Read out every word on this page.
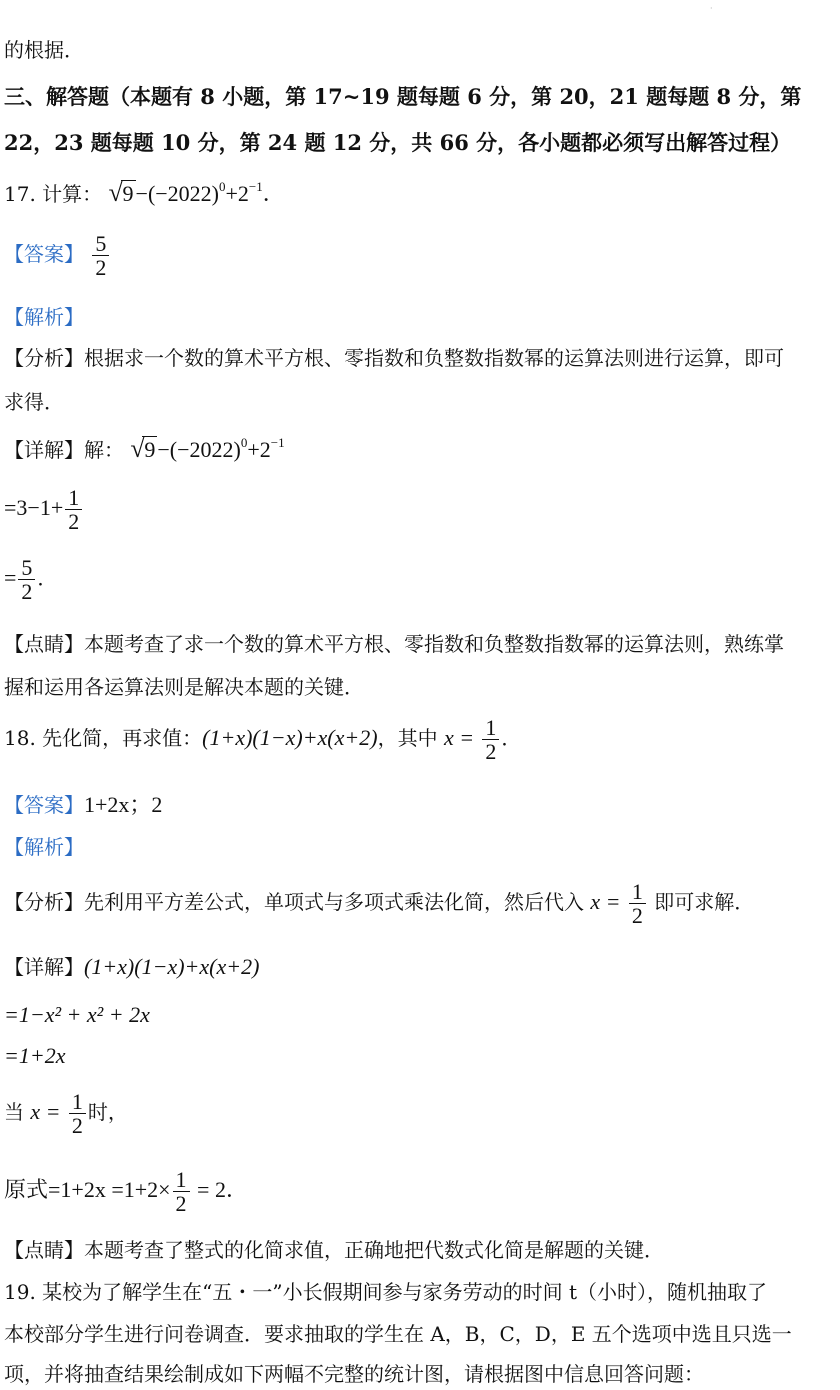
·
的根据．
三、解答题（本题有 8 小题，第 17~19 题每题 6 分，第 20，21 题每题 8 分，第
22，23 题每题 10 分，第 24 题 12 分，共 66 分，各小题都必须写出解答过程）
17. 计算： √ $9-(-2022)^0+2^{-1}$．
【答案】 $\frac{5}{2}$
【解析】
【分析】根据求一个数的算术平方根、零指数和负整数指数幂的运算法则进行运算，即可
求得．
【详解】解： √ $9-(-2022)^0+2^{-1}$
$=3-1+ \frac{1}{2}$
= $\frac{5}{2}$ ．
【点睛】本题考查了求一个数的算术平方根、零指数和负整数指数幂的运算法则，熟练掌
握和运用各运算法则是解决本题的关键．
18. 先化简，再求值：(1+x)(1−x)+x(x+2)，其中 $x = \frac{1}{2}$ ．
【答案】1+2x；2
【解析】
【分析】先利用平方差公式，单项式与多项式乘法化简，然后代入 $x = \frac{1}{2}$ 即可求解．
【详解】(1+x)(1−x)+x(x+2)
=1−x² + x² + 2x
=1+2x
当 $x = \frac{1}{2}$ 时，
原式$=1+2x =1+2\times \frac{1}{2} = 2$．
【点睛】本题考查了整式的化简求值，正确地把代数式化简是解题的关键．
19. 某校为了解学生在“五・一”小长假期间参与家务劳动的时间 t（小时），随机抽取了
本校部分学生进行问卷调查．要求抽取的学生在 A，B，C，D，E 五个选项中选且只选一
项，并将抽查结果绘制成如下两幅不完整的统计图，请根据图中信息回答问题：
